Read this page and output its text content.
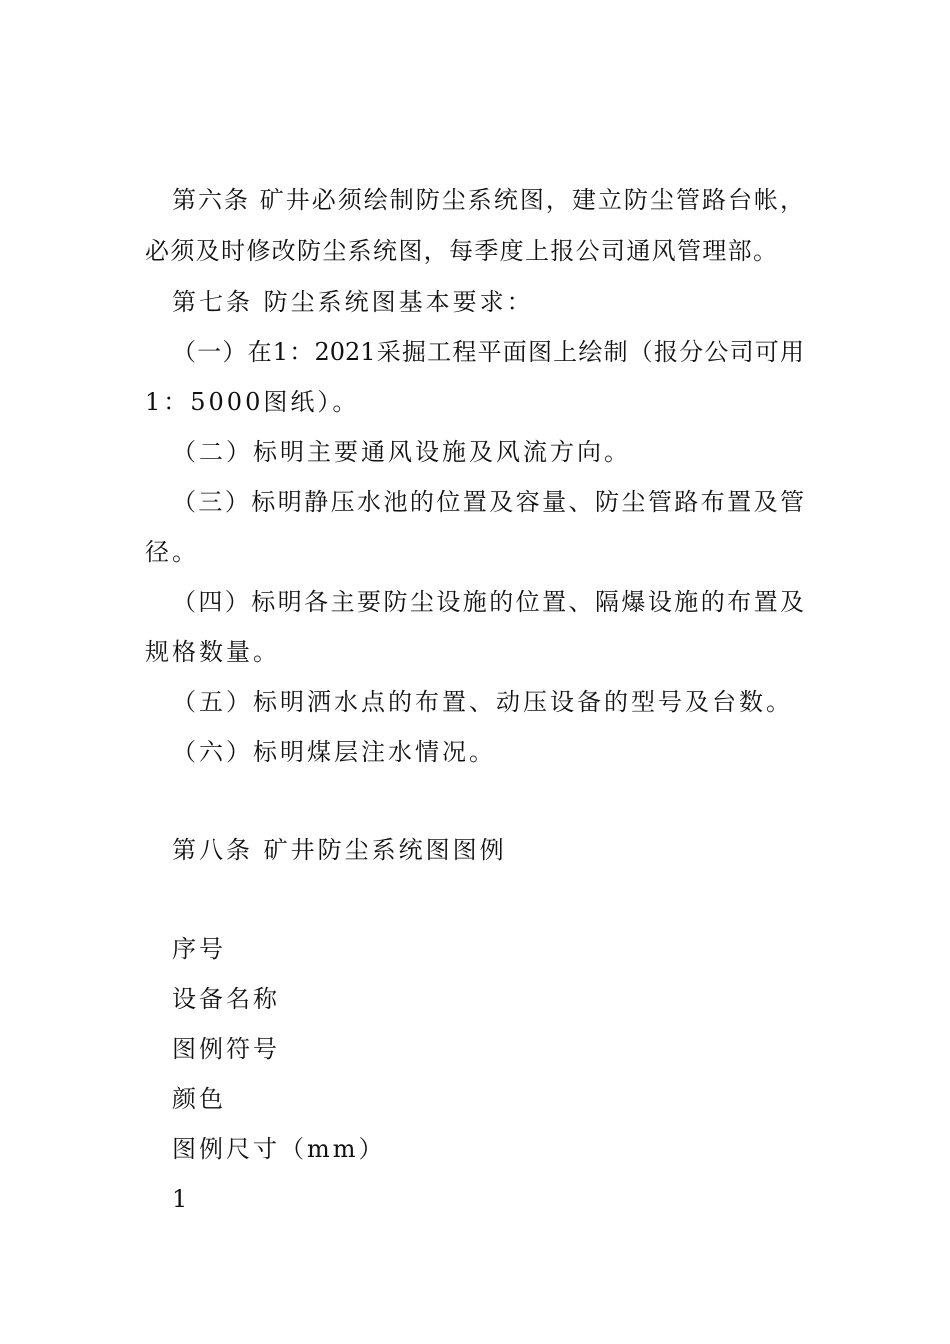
第六条 矿井必须绘制防尘系统图，建立防尘管路台帐，
必须及时修改防尘系统图，每季度上报公司通风管理部。
第七条 防尘系统图基本要求：
（一）在1：2021采掘工程平面图上绘制（报分公司可用
1：5000图纸）。
（二）标明主要通风设施及风流方向。
（三）标明静压水池的位置及容量、防尘管路布置及管
径。
（四）标明各主要防尘设施的位置、隔爆设施的布置及
规格数量。
（五）标明洒水点的布置、动压设备的型号及台数。
（六）标明煤层注水情况。
第八条 矿井防尘系统图图例
序号
设备名称
图例符号
颜色
图例尺寸（mm）
1
